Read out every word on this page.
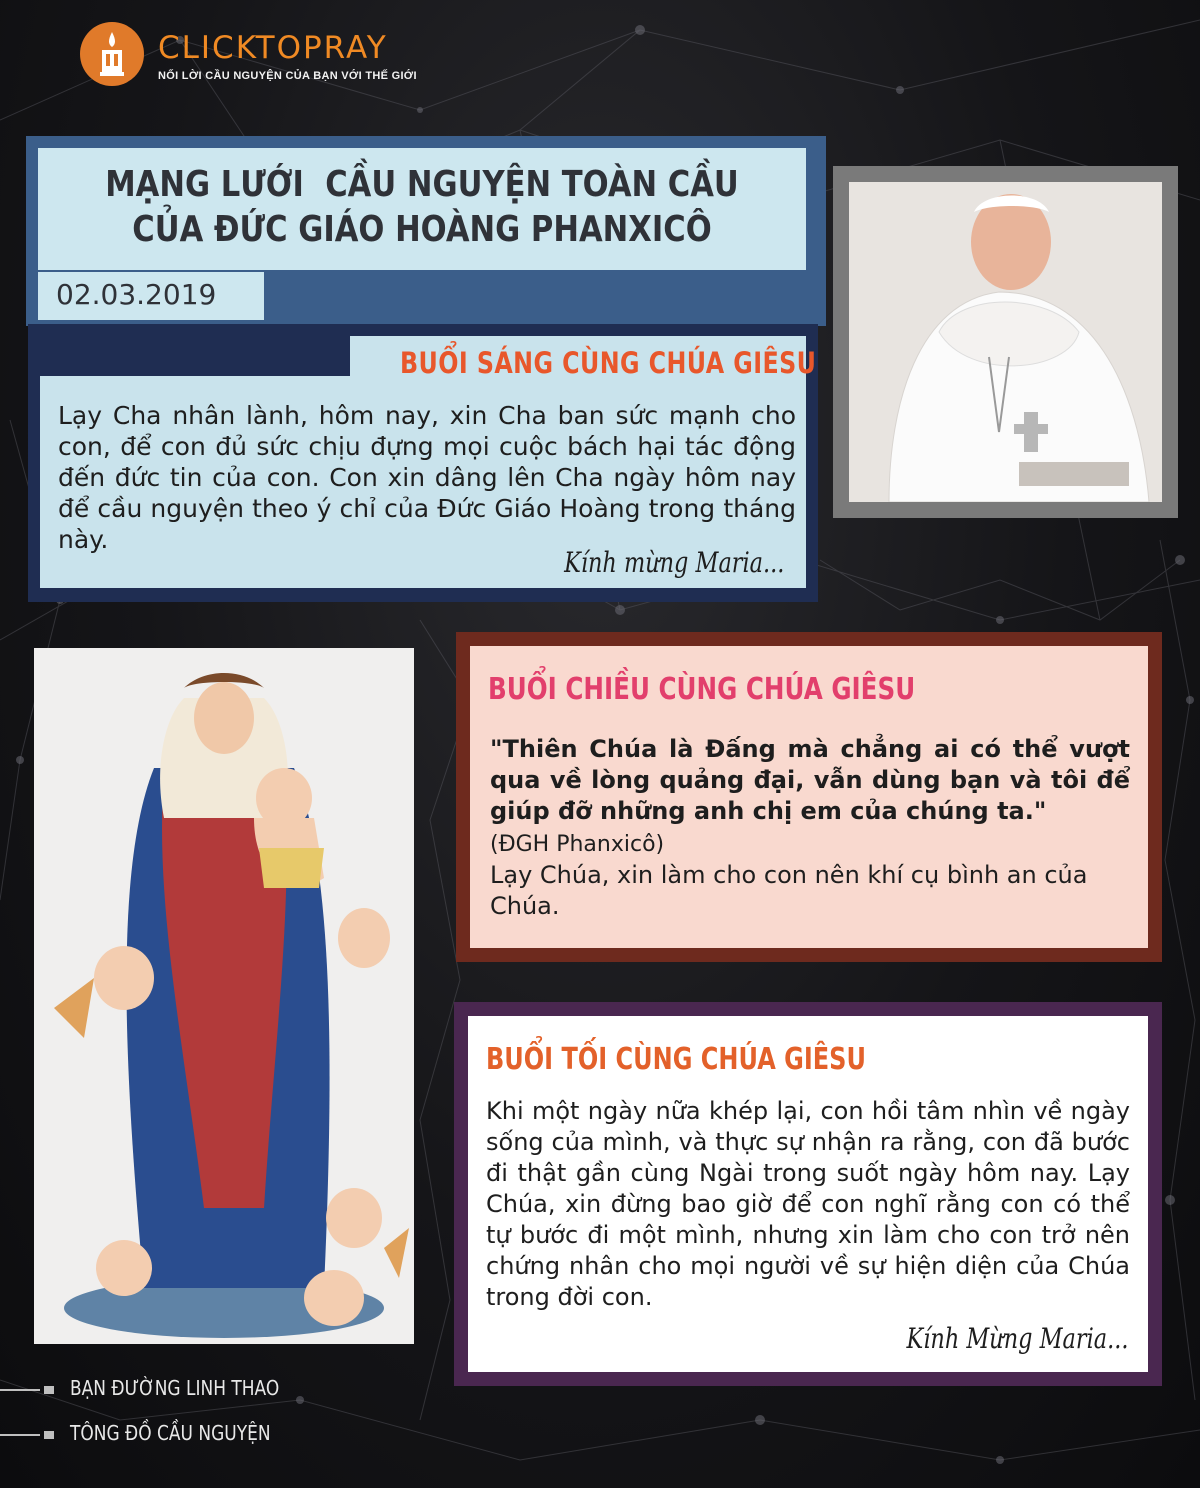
CLICKTOPRAY
NỐI LỜI CẦU NGUYỆN CỦA BẠN VỚI THẾ GIỚI
MẠNG LƯỚI  CẦU NGUYỆN TOÀN CẦU
CỦA ĐỨC GIÁO HOÀNG PHANXICÔ
02.03.2019
BUỔI SÁNG CÙNG CHÚA GIÊSU
Lạy Cha nhân lành, hôm nay, xin Cha ban sức mạnh cho con, để con đủ sức chịu đựng mọi cuộc bách hại tác động đến đức tin của con. Con xin dâng lên Cha ngày hôm nay để cầu nguyện theo ý chỉ của Đức Giáo Hoàng trong tháng này.
Kính mừng Maria...
BUỔI CHIỀU CÙNG CHÚA GIÊSU
"Thiên Chúa là Đấng mà chẳng ai có thể vượt qua về lòng quảng đại, vẫn dùng bạn và tôi để giúp đỡ những anh chị em của chúng ta."
(ĐGH Phanxicô)
Lạy Chúa, xin làm cho con nên khí cụ bình an của Chúa.
BUỔI TỐI CÙNG CHÚA GIÊSU
Khi một ngày nữa khép lại, con hồi tâm nhìn về ngày sống của mình, và thực sự nhận ra rằng, con đã bước đi thật gần cùng Ngài trong suốt ngày hôm nay. Lạy Chúa, xin đừng bao giờ để con nghĩ rằng con có thể tự bước đi một mình, nhưng xin làm cho con trở nên chứng nhân cho mọi người về sự hiện diện của Chúa trong đời con.
Kính Mừng Maria...
BẠN ĐƯỜNG LINH THAO
TÔNG ĐỒ CẦU NGUYỆN
